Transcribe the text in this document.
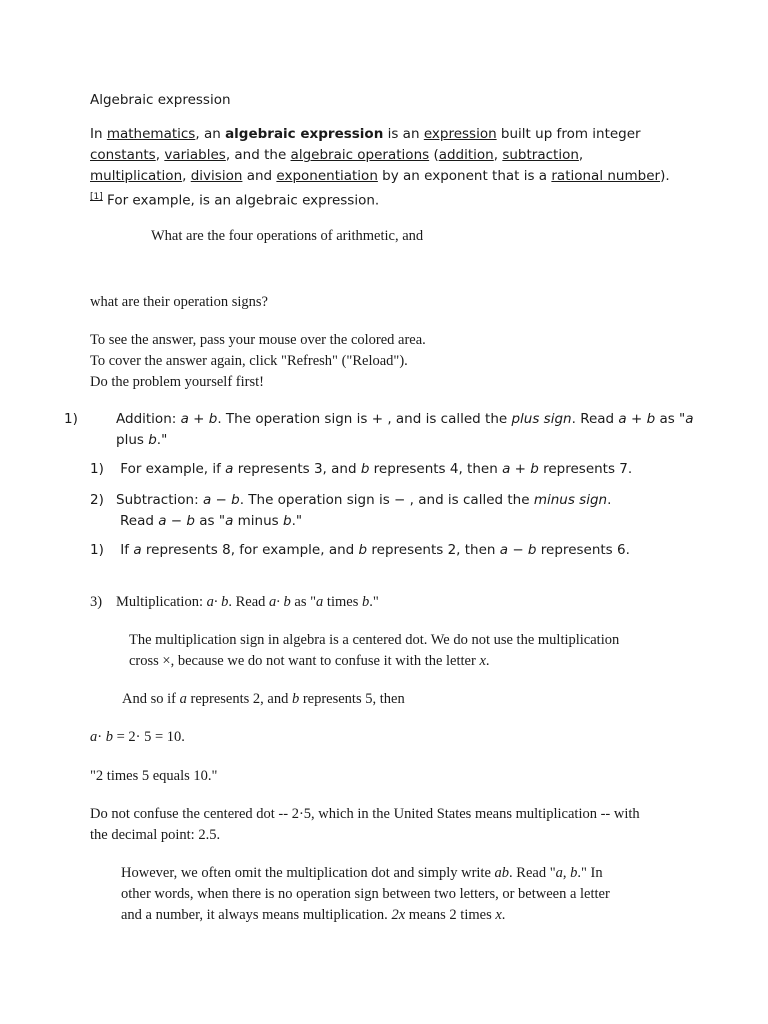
Algebraic expression
In mathematics, an algebraic expression is an expression built up from integer constants, variables, and the algebraic operations (addition, subtraction, multiplication, division and exponentiation by an exponent that is a rational number).[1] For example, is an algebraic expression.
What are the four operations of arithmetic, and
what are their operation signs?
To see the answer, pass your mouse over the colored area.
To cover the answer again, click "Refresh" ("Reload").
Do the problem yourself first!
1)	Addition: a + b. The operation sign is + , and is called the plus sign. Read a + b as "a plus b."
1) For example, if a represents 3, and b represents 4, then a + b represents 7.
2) Subtraction: a − b. The operation sign is − , and is called the minus sign.
Read a − b as "a minus b."
1) If a represents 8, for example, and b represents 2, then a − b represents 6.
3) Multiplication: a· b. Read a· b as "a times b."
The multiplication sign in algebra is a centered dot. We do not use the multiplication
cross ×, because we do not want to confuse it with the letter x.
And so if a represents 2, and b represents 5, then
a· b = 2· 5 = 10.
"2 times 5 equals 10."
Do not confuse the centered dot -- 2·5, which in the United States means multiplication -- with
the decimal point: 2.5.
However, we often omit the multiplication dot and simply write ab. Read "a, b." In
other words, when there is no operation sign between two letters, or between a letter
and a number, it always means multiplication. 2x means 2 times x.
